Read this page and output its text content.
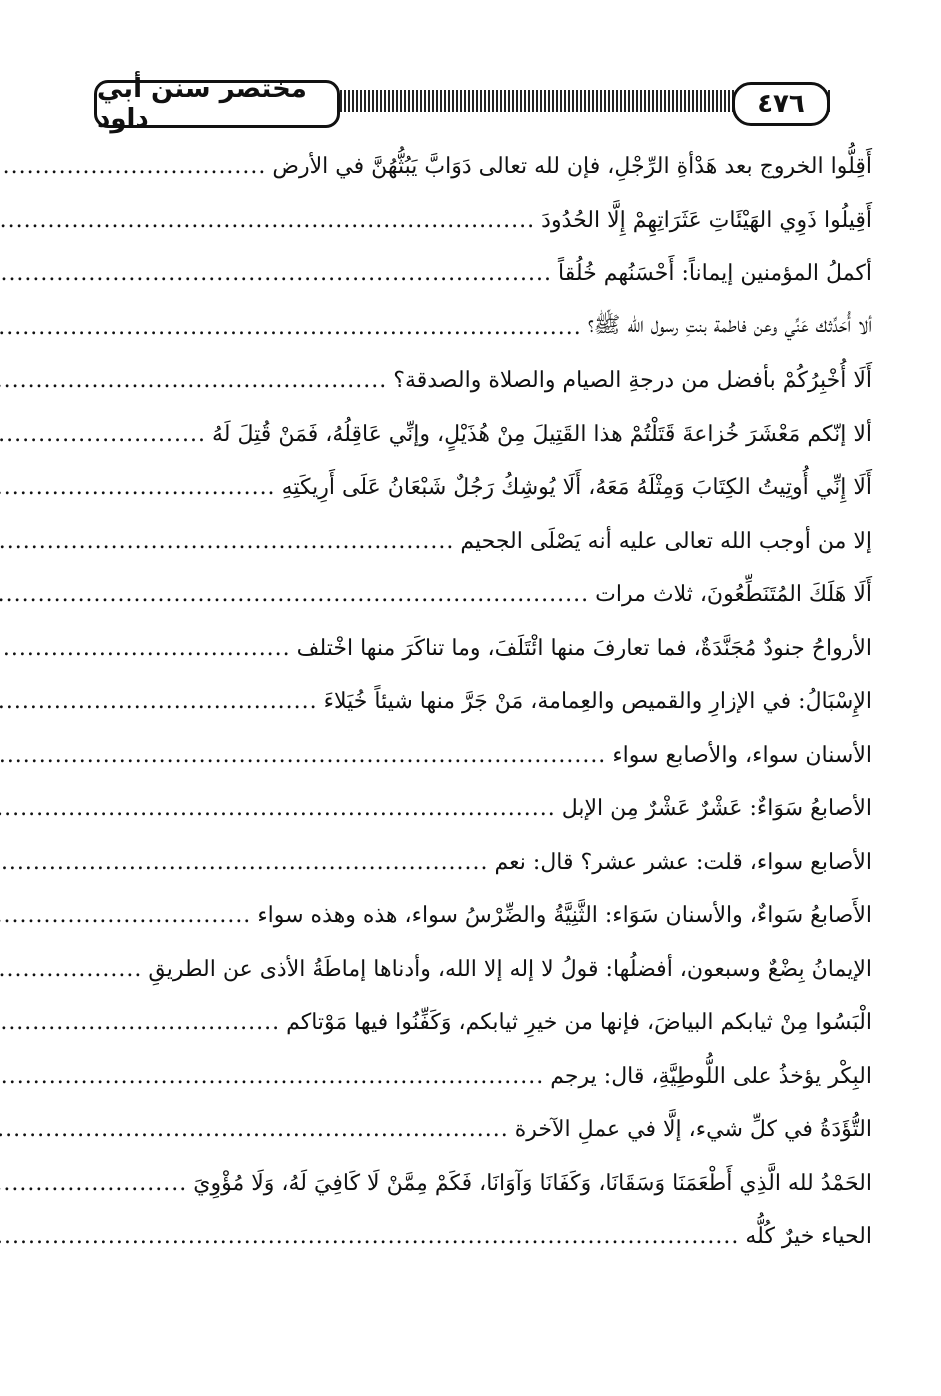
مختصر سنن أبي داود	٤٧٦
أَقِلُّوا الخروج بعد هَدْأةِ الرِّجْلِ، فإن لله تعالى دَوَابَّ يَبُثُّهُنَّ في الأرض
.....
أَقِيلُوا ذَوِي الهَيْئَاتِ عَثَرَاتِهِمْ إِلَّا الحُدُودَ
.....
أكملُ المؤمنين إيماناً: أَحْسَنُهم خُلُقاً
.....
ألا أُحَدِّثك عَنِّي وعن فاطمة بنتِ رسول الله ﷺ؟
.....
أَلَا أُخْبِرُكُمْ بأفضل من درجةِ الصيام والصلاة والصدقة؟
.....
ألا إنّكم مَعْشَرَ خُزاعةَ قَتَلْتُمْ هذا القَتِيلَ مِنْ هُذَيْلٍ، وإنِّي عَاقِلُهُ، فَمَنْ قُتِلَ لَهُ
.....
أَلَا إِنِّي أُوتِيتُ الكِتَابَ وَمِثْلَهُ مَعَهُ، أَلَا يُوشِكُ رَجُلٌ شَبْعَانُ عَلَى أَرِيكَتِهِ
.....
إلا من أوجب الله تعالى عليه أنه يَصْلَى الجحيم
.....
أَلَا هَلَكَ المُتَنَطِّعُونَ، ثلاث مرات
.....
الأرواحُ جنودٌ مُجَنَّدَةٌ، فما تعارفَ منها ائْتَلَفَ، وما تناكَرَ منها اخْتلف
.....
الإِسْبَالُ: في الإزارِ والقميص والعِمامة، مَنْ جَرَّ منها شيئاً خُيَلاءَ
.....
الأسنان سواء، والأصابع سواء
.....
الأصابعُ سَوَاءٌ: عَشْرٌ عَشْرٌ مِن الإبل
.....
الأصابع سواء، قلت: عشر عشر؟ قال: نعم
.....
الأَصابعُ سَواءٌ، والأسنان سَوَاء: الثَّنِيَّةُ والضِّرْسُ سواء، هذه وهذه سواء
.....
الإيمانُ بِضْعٌ وسبعون، أفضلُها: قولُ لا إله إلا الله، وأدناها إماطَةُ الأذى عن الطريقِ
.....
الْبَسُوا مِنْ ثيابكم البياضَ، فإنها من خيرِ ثيابكم، وَكَفِّنُوا فيها مَوْتاكم
.....
البِكْر يؤخذُ على اللُّوطِيَّةِ، قال: يرجم
.....
التُّؤَدَةُ في كلِّ شيء، إلَّا في عملِ الآخرة
.....
الحَمْدُ لله الَّذِي أَطْعَمَنَا وَسَقَانَا، وَكَفَانَا وَآوَانَا، فَكَمْ مِمَّنْ لَا كَافِيَ لَهُ، وَلَا مُؤْوِيَ
.....
الحياء خيرٌ كُلُّه
.....
